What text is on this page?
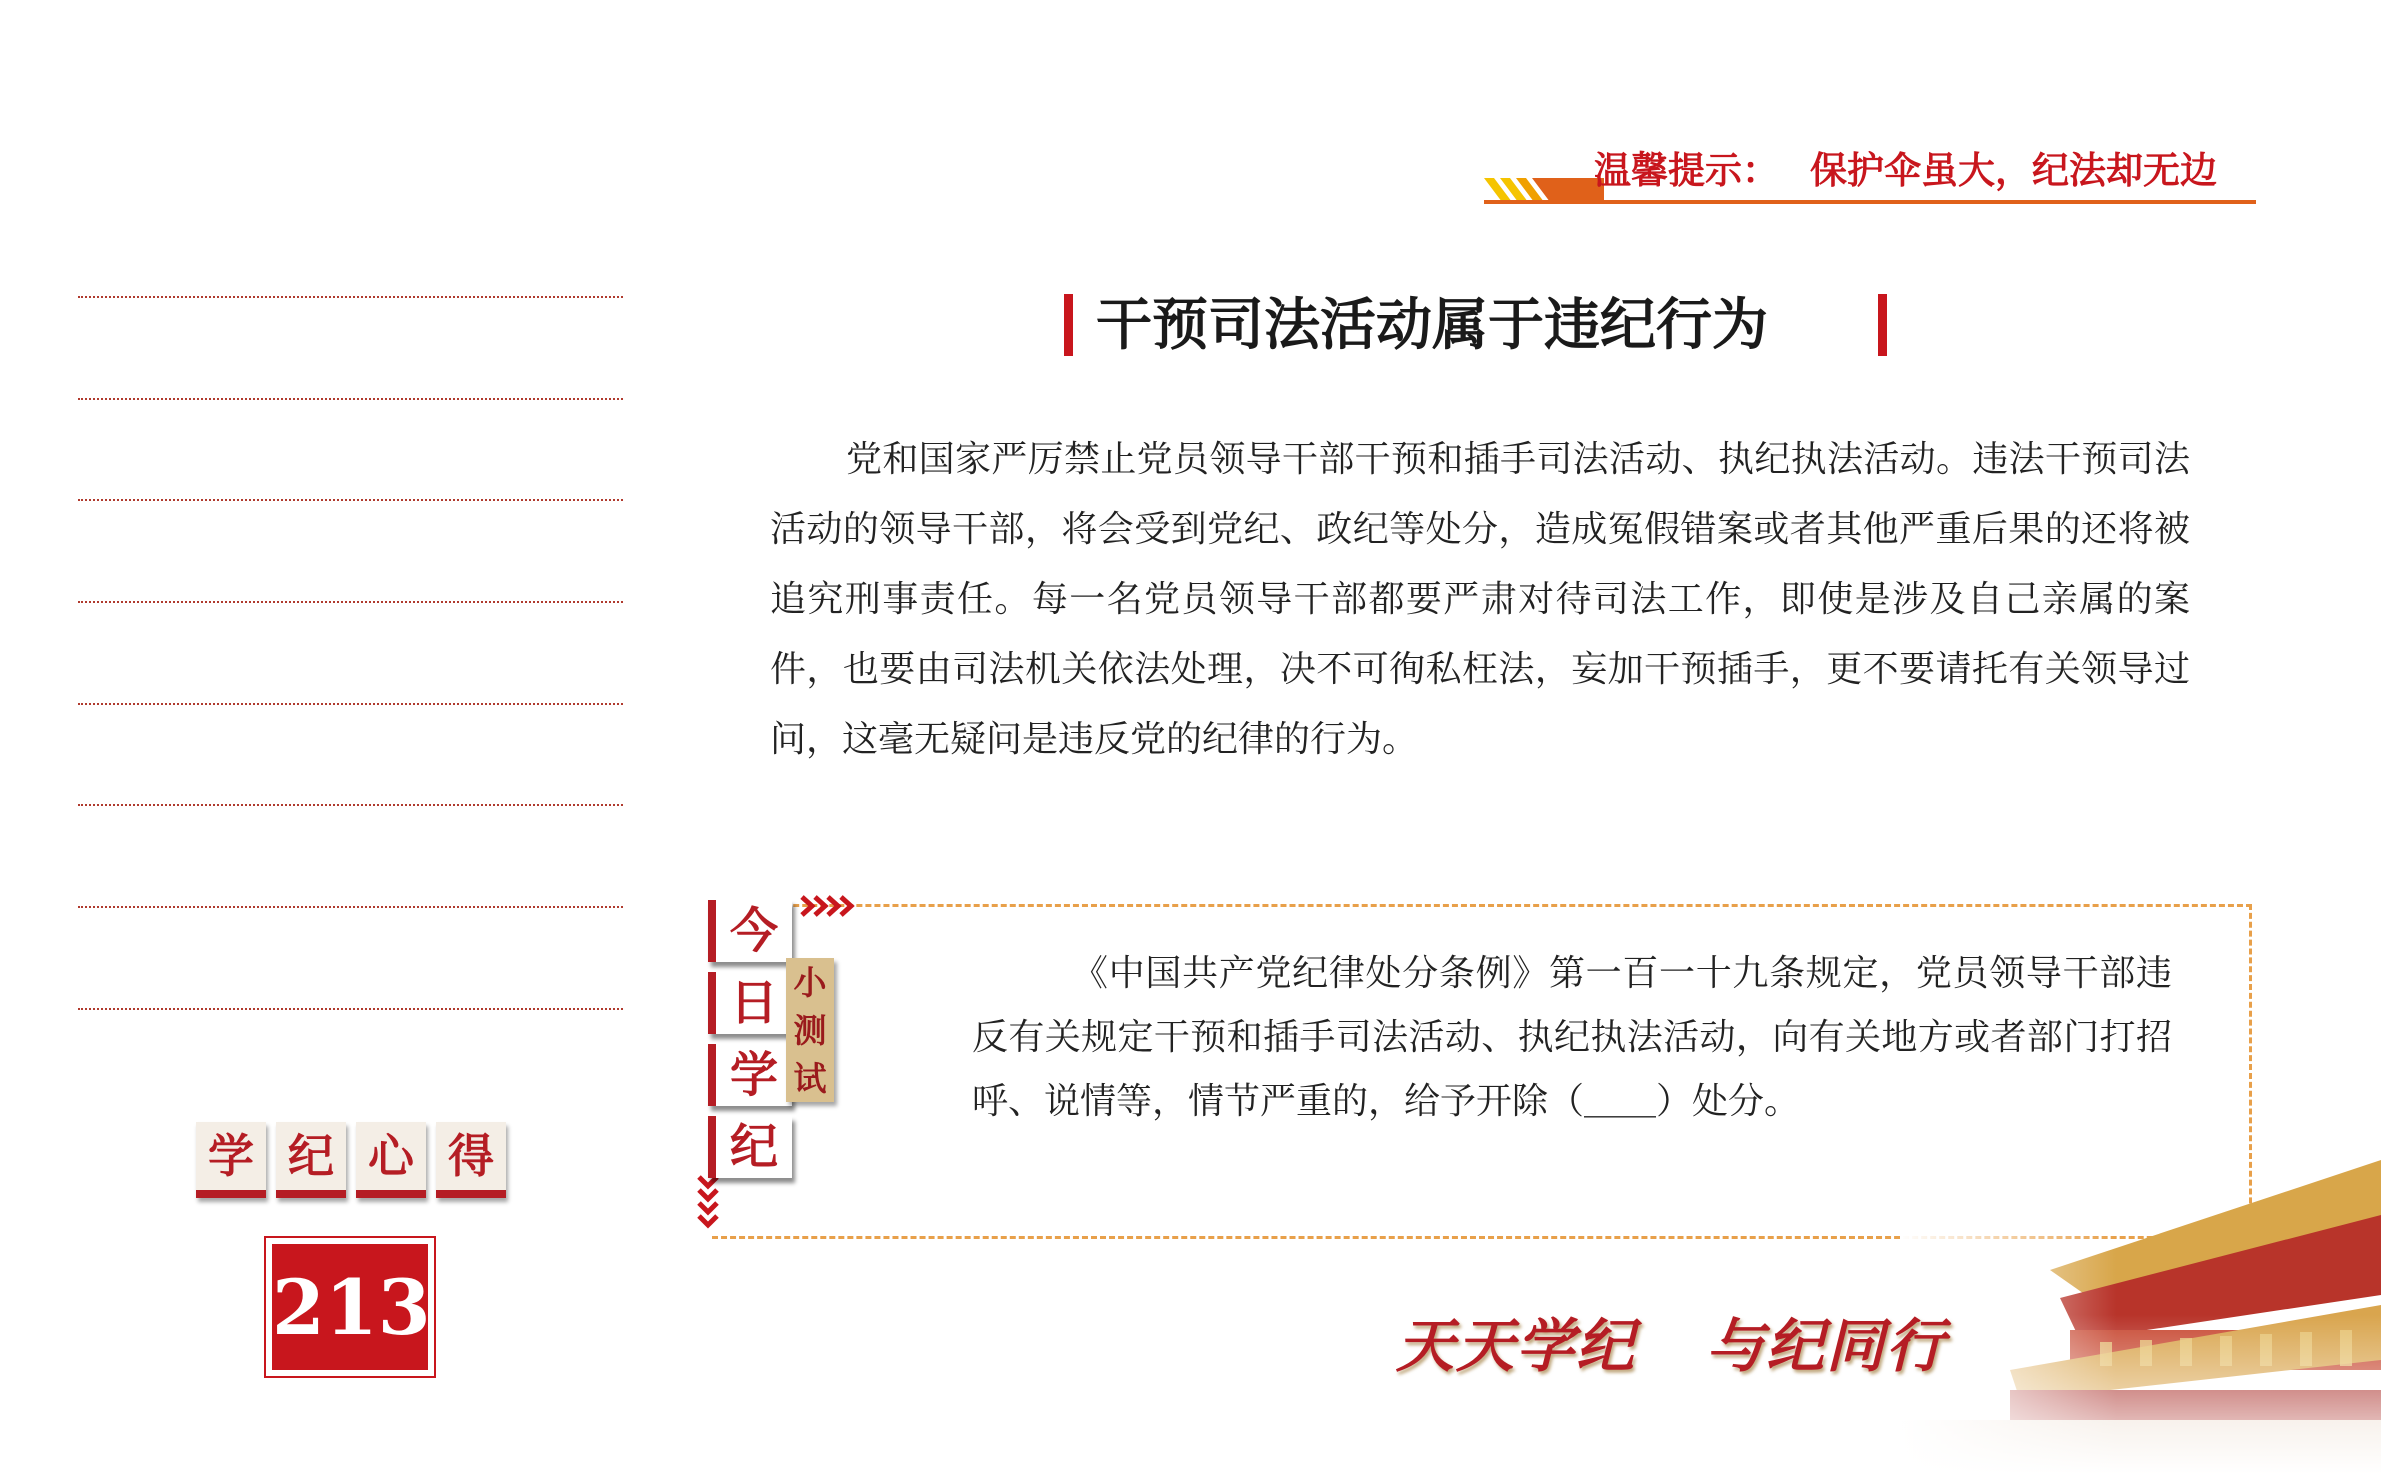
温馨提示： 保护伞虽大，纪法却无边
干预司法活动属于违纪行为
党和国家严厉禁止党员领导干部干预和插手司法活动、执纪执法活动。违法干预司法活动的领导干部，将会受到党纪、政纪等处分，造成冤假错案或者其他严重后果的还将被追究刑事责任。每一名党员领导干部都要严肃对待司法工作，即使是涉及自己亲属的案件，也要由司法机关依法处理，决不可徇私枉法，妄加干预插手，更不要请托有关领导过问，这毫无疑问是违反党的纪律的行为。
今
日
学
纪
小
测
试
《中国共产党纪律处分条例》第一百一十九条规定，党员领导干部违反有关规定干预和插手司法活动、执纪执法活动，向有关地方或者部门打招呼、说情等，情节严重的，给予开除（＿＿）处分。
学 纪 心 得
213	天天学纪 与纪同行
